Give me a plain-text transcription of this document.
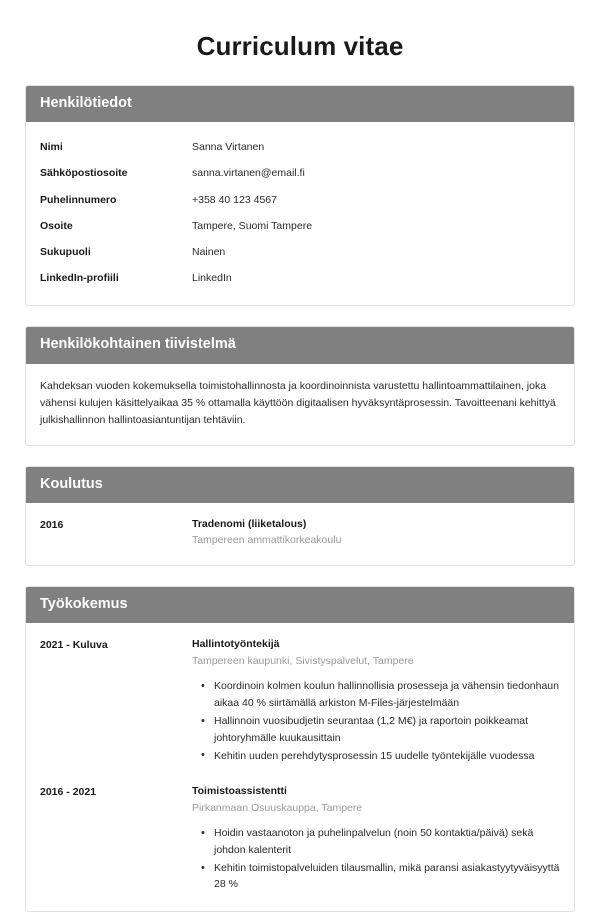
Curriculum vitae
Henkilötiedot
Nimi	Sanna Virtanen
Sähköpostiosoite	sanna.virtanen@email.fi
Puhelinnumero	+358 40 123 4567
Osoite	Tampere, Suomi Tampere
Sukupuoli	Nainen
LinkedIn-profiili	LinkedIn
Henkilökohtainen tiivistelmä

Kahdeksan vuoden kokemuksella toimistohallinnosta ja koordinoinnista varustettu hallintoammattilainen, joka vähensi kulujen käsittelyaikaa 35 % ottamalla käyttöön digitaalisen hyväksyntäprosessin. Tavoitteenani kehittyä julkishallinnon hallintoasiantuntijan tehtäviin.

Koulutus
2016	Tradenomi (liiketalous)
Tampereen ammattikorkeakoulu
Työkokemus
2021 - Kuluva	Hallintotyöntekijä
Tampereen kaupunki, Sivistyspalvelut, Tampere
• Koordinoin kolmen koulun hallinnollisia prosesseja ja vähensin tiedonhaun aikaa 40 % siirtämällä arkiston M-Files-järjestelmään
• Hallinnoin vuosibudjetin seurantaa (1,2 M€) ja raportoin poikkeamat johtoryhmälle kuukausittain
• Kehitin uuden perehdytysprosessin 15 uudelle työntekijälle vuodessa
2016 - 2021	Toimistoassistentti
Pirkanmaan Osuuskauppa, Tampere
• Hoidin vastaanoton ja puhelinpalvelun (noin 50 kontaktia/päivä) sekä johdon kalenterit
• Kehitin toimistopalveluiden tilausmallin, mikä paransi asiakastyytyväisyyttä 28 %
